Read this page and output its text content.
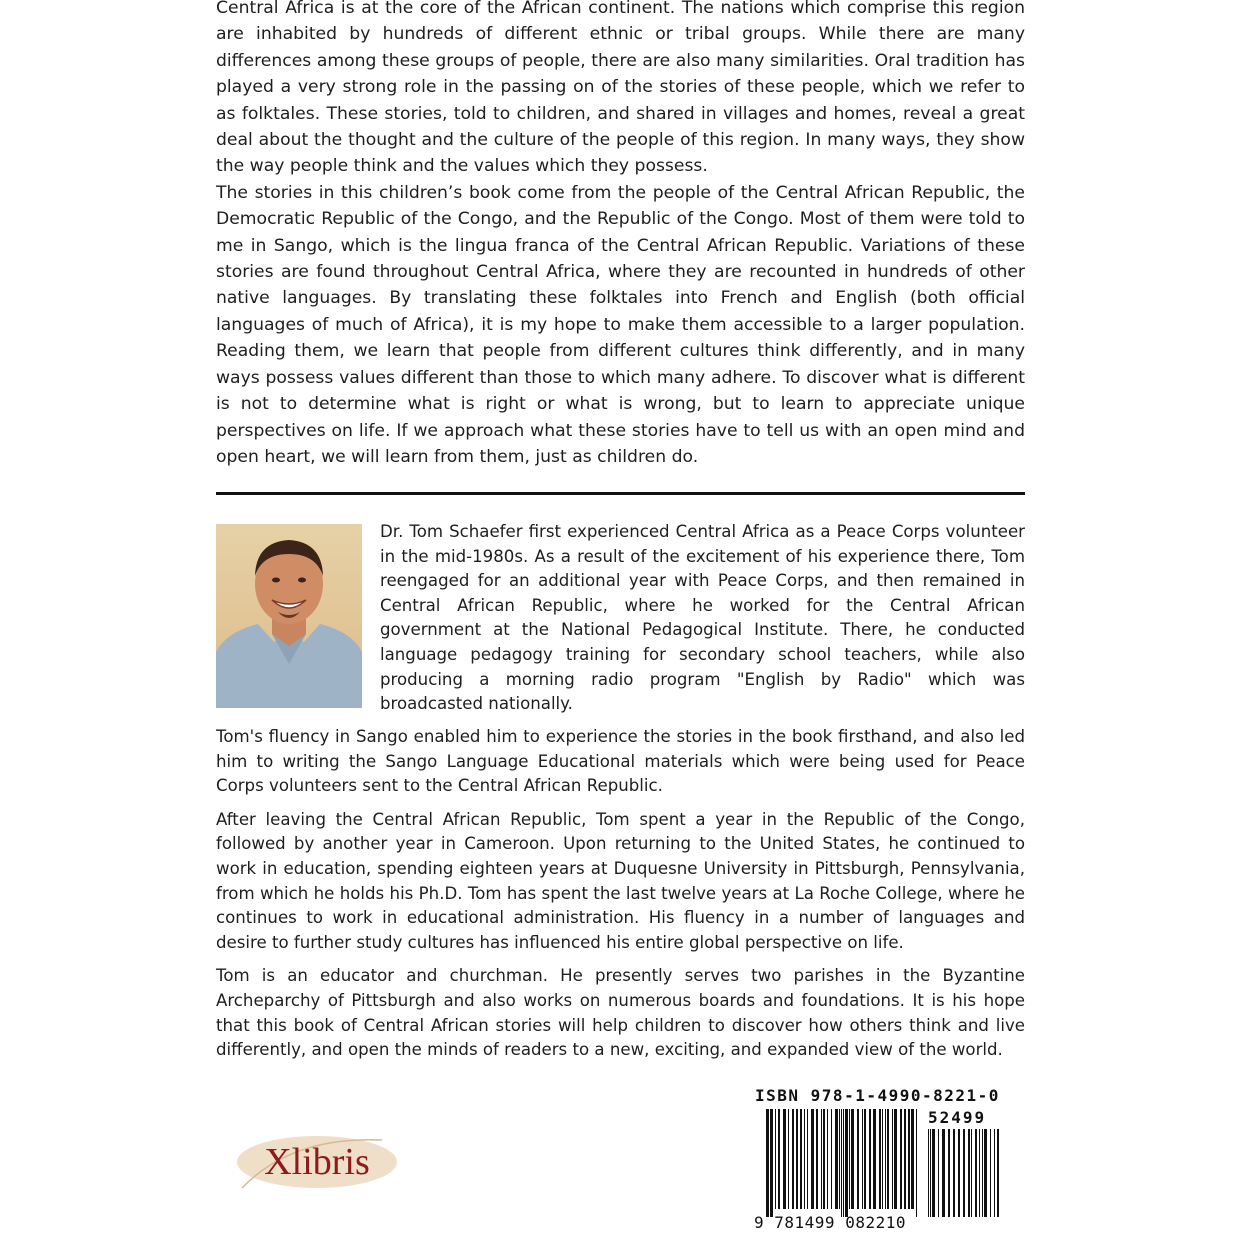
Central Africa is at the core of the African continent. The nations which comprise this region are inhabited by hundreds of different ethnic or tribal groups. While there are many differences among these groups of people, there are also many similarities. Oral tradition has played a very strong role in the passing on of the stories of these people, which we refer to as folktales. These stories, told to children, and shared in villages and homes, reveal a great deal about the thought and the culture of the people of this region. In many ways, they show the way people think and the values which they possess.

The stories in this children’s book come from the people of the Central African Republic, the Democratic Republic of the Congo, and the Republic of the Congo. Most of them were told to me in Sango, which is the lingua franca of the Central African Republic. Variations of these stories are found throughout Central Africa, where they are recounted in hundreds of other native languages. By translating these folktales into French and English (both official languages of much of Africa), it is my hope to make them accessible to a larger population. Reading them, we learn that people from different cultures think differently, and in many ways possess values different than those to which many adhere. To discover what is different is not to determine what is right or what is wrong, but to learn to appreciate unique perspectives on life. If we approach what these stories have to tell us with an open mind and open heart, we will learn from them, just as children do.

Dr. Tom Schaefer first experienced Central Africa as a Peace Corps volunteer in the mid-1980s. As a result of the excitement of his experience there, Tom reengaged for an additional year with Peace Corps, and then remained in Central African Republic, where he worked for the Central African government at the National Pedagogical Institute. There, he conducted language pedagogy training for secondary school teachers, while also producing a morning radio program "English by Radio" which was broadcasted nationally.

Tom's fluency in Sango enabled him to experience the stories in the book firsthand, and also led him to writing the Sango Language Educational materials which were being used for Peace Corps volunteers sent to the Central African Republic.

After leaving the Central African Republic, Tom spent a year in the Republic of the Congo, followed by another year in Cameroon. Upon returning to the United States, he continued to work in education, spending eighteen years at Duquesne University in Pittsburgh, Pennsylvania, from which he holds his Ph.D. Tom has spent the last twelve years at La Roche College, where he continues to work in educational administration. His fluency in a number of languages and desire to further study cultures has influenced his entire global perspective on life.

Tom is an educator and churchman. He presently serves two parishes in the Byzantine Archeparchy of Pittsburgh and also works on numerous boards and foundations. It is his hope that this book of Central African stories will help children to discover how others think and live differently, and open the minds of readers to a new, exciting, and expanded view of the world.

Xlibris
ISBN 978-1-4990-8221-0
52499
9 781499 082210
